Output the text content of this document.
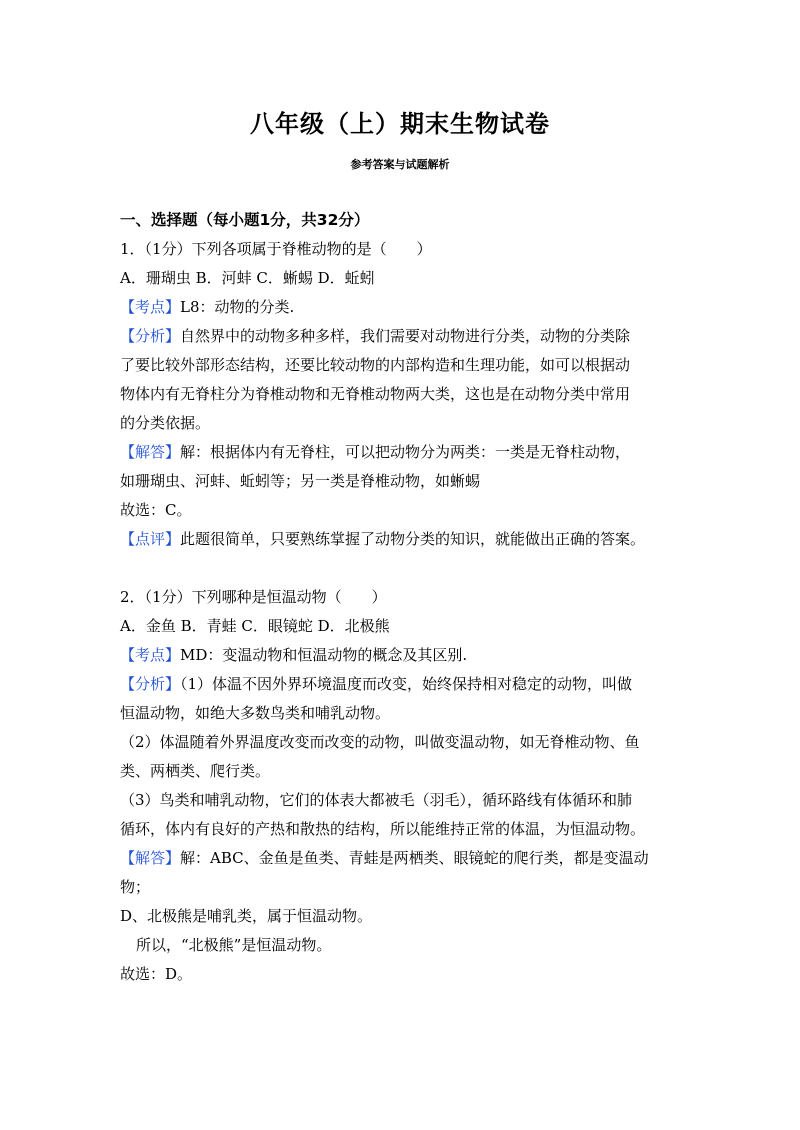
八年级（上）期末生物试卷
参考答案与试题解析
一、选择题（每小题1分，共32分）
1．（1分）下列各项属于脊椎动物的是（　　）
A．珊瑚虫 B．河蚌 C．蜥蜴 D．蚯蚓
【考点】L8：动物的分类.
【分析】自然界中的动物多种多样，我们需要对动物进行分类，动物的分类除
了要比较外部形态结构，还要比较动物的内部构造和生理功能，如可以根据动
物体内有无脊柱分为脊椎动物和无脊椎动物两大类，这也是在动物分类中常用
的分类依据。
【解答】解：根据体内有无脊柱，可以把动物分为两类：一类是无脊柱动物，
如珊瑚虫、河蚌、蚯蚓等；另一类是脊椎动物，如蜥蜴
故选：C。
【点评】此题很简单，只要熟练掌握了动物分类的知识，就能做出正确的答案。
2．（1分）下列哪种是恒温动物（　　）
A．金鱼 B．青蛙 C．眼镜蛇 D．北极熊
【考点】MD：变温动物和恒温动物的概念及其区别.
【分析】（1）体温不因外界环境温度而改变，始终保持相对稳定的动物，叫做
恒温动物，如绝大多数鸟类和哺乳动物。
（2）体温随着外界温度改变而改变的动物，叫做变温动物，如无脊椎动物、鱼
类、两栖类、爬行类。
（3）鸟类和哺乳动物，它们的体表大都被毛（羽毛），循环路线有体循环和肺
循环，体内有良好的产热和散热的结构，所以能维持正常的体温，为恒温动物。
【解答】解：ABC、金鱼是鱼类、青蛙是两栖类、眼镜蛇的爬行类，都是变温动
物；
D、北极熊是哺乳类，属于恒温动物。
所以，“北极熊”是恒温动物。
故选：D。
